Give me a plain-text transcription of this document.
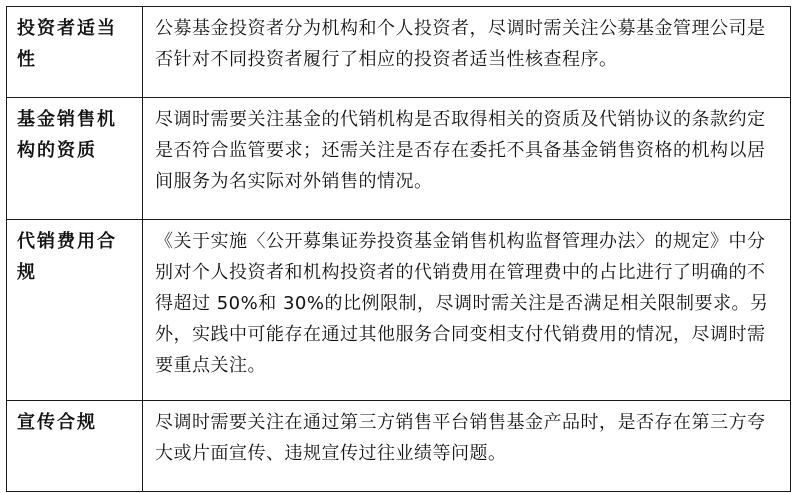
投资者适当性	公募基金投资者分为机构和个人投资者，尽调时需关注公募基金管理公司是否针对不同投资者履行了相应的投资者适当性核查程序。
基金销售机构的资质	尽调时需要关注基金的代销机构是否取得相关的资质及代销协议的条款约定是否符合监管要求；还需关注是否存在委托不具备基金销售资格的机构以居间服务为名实际对外销售的情况。
代销费用合规	《关于实施〈公开募集证券投资基金销售机构监督管理办法〉的规定》中分别对个人投资者和机构投资者的代销费用在管理费中的占比进行了明确的不得超过 50%和 30%的比例限制，尽调时需关注是否满足相关限制要求。另外，实践中可能存在通过其他服务合同变相支付代销费用的情况，尽调时需要重点关注。
宣传合规	尽调时需要关注在通过第三方销售平台销售基金产品时，是否存在第三方夸大或片面宣传、违规宣传过往业绩等问题。
